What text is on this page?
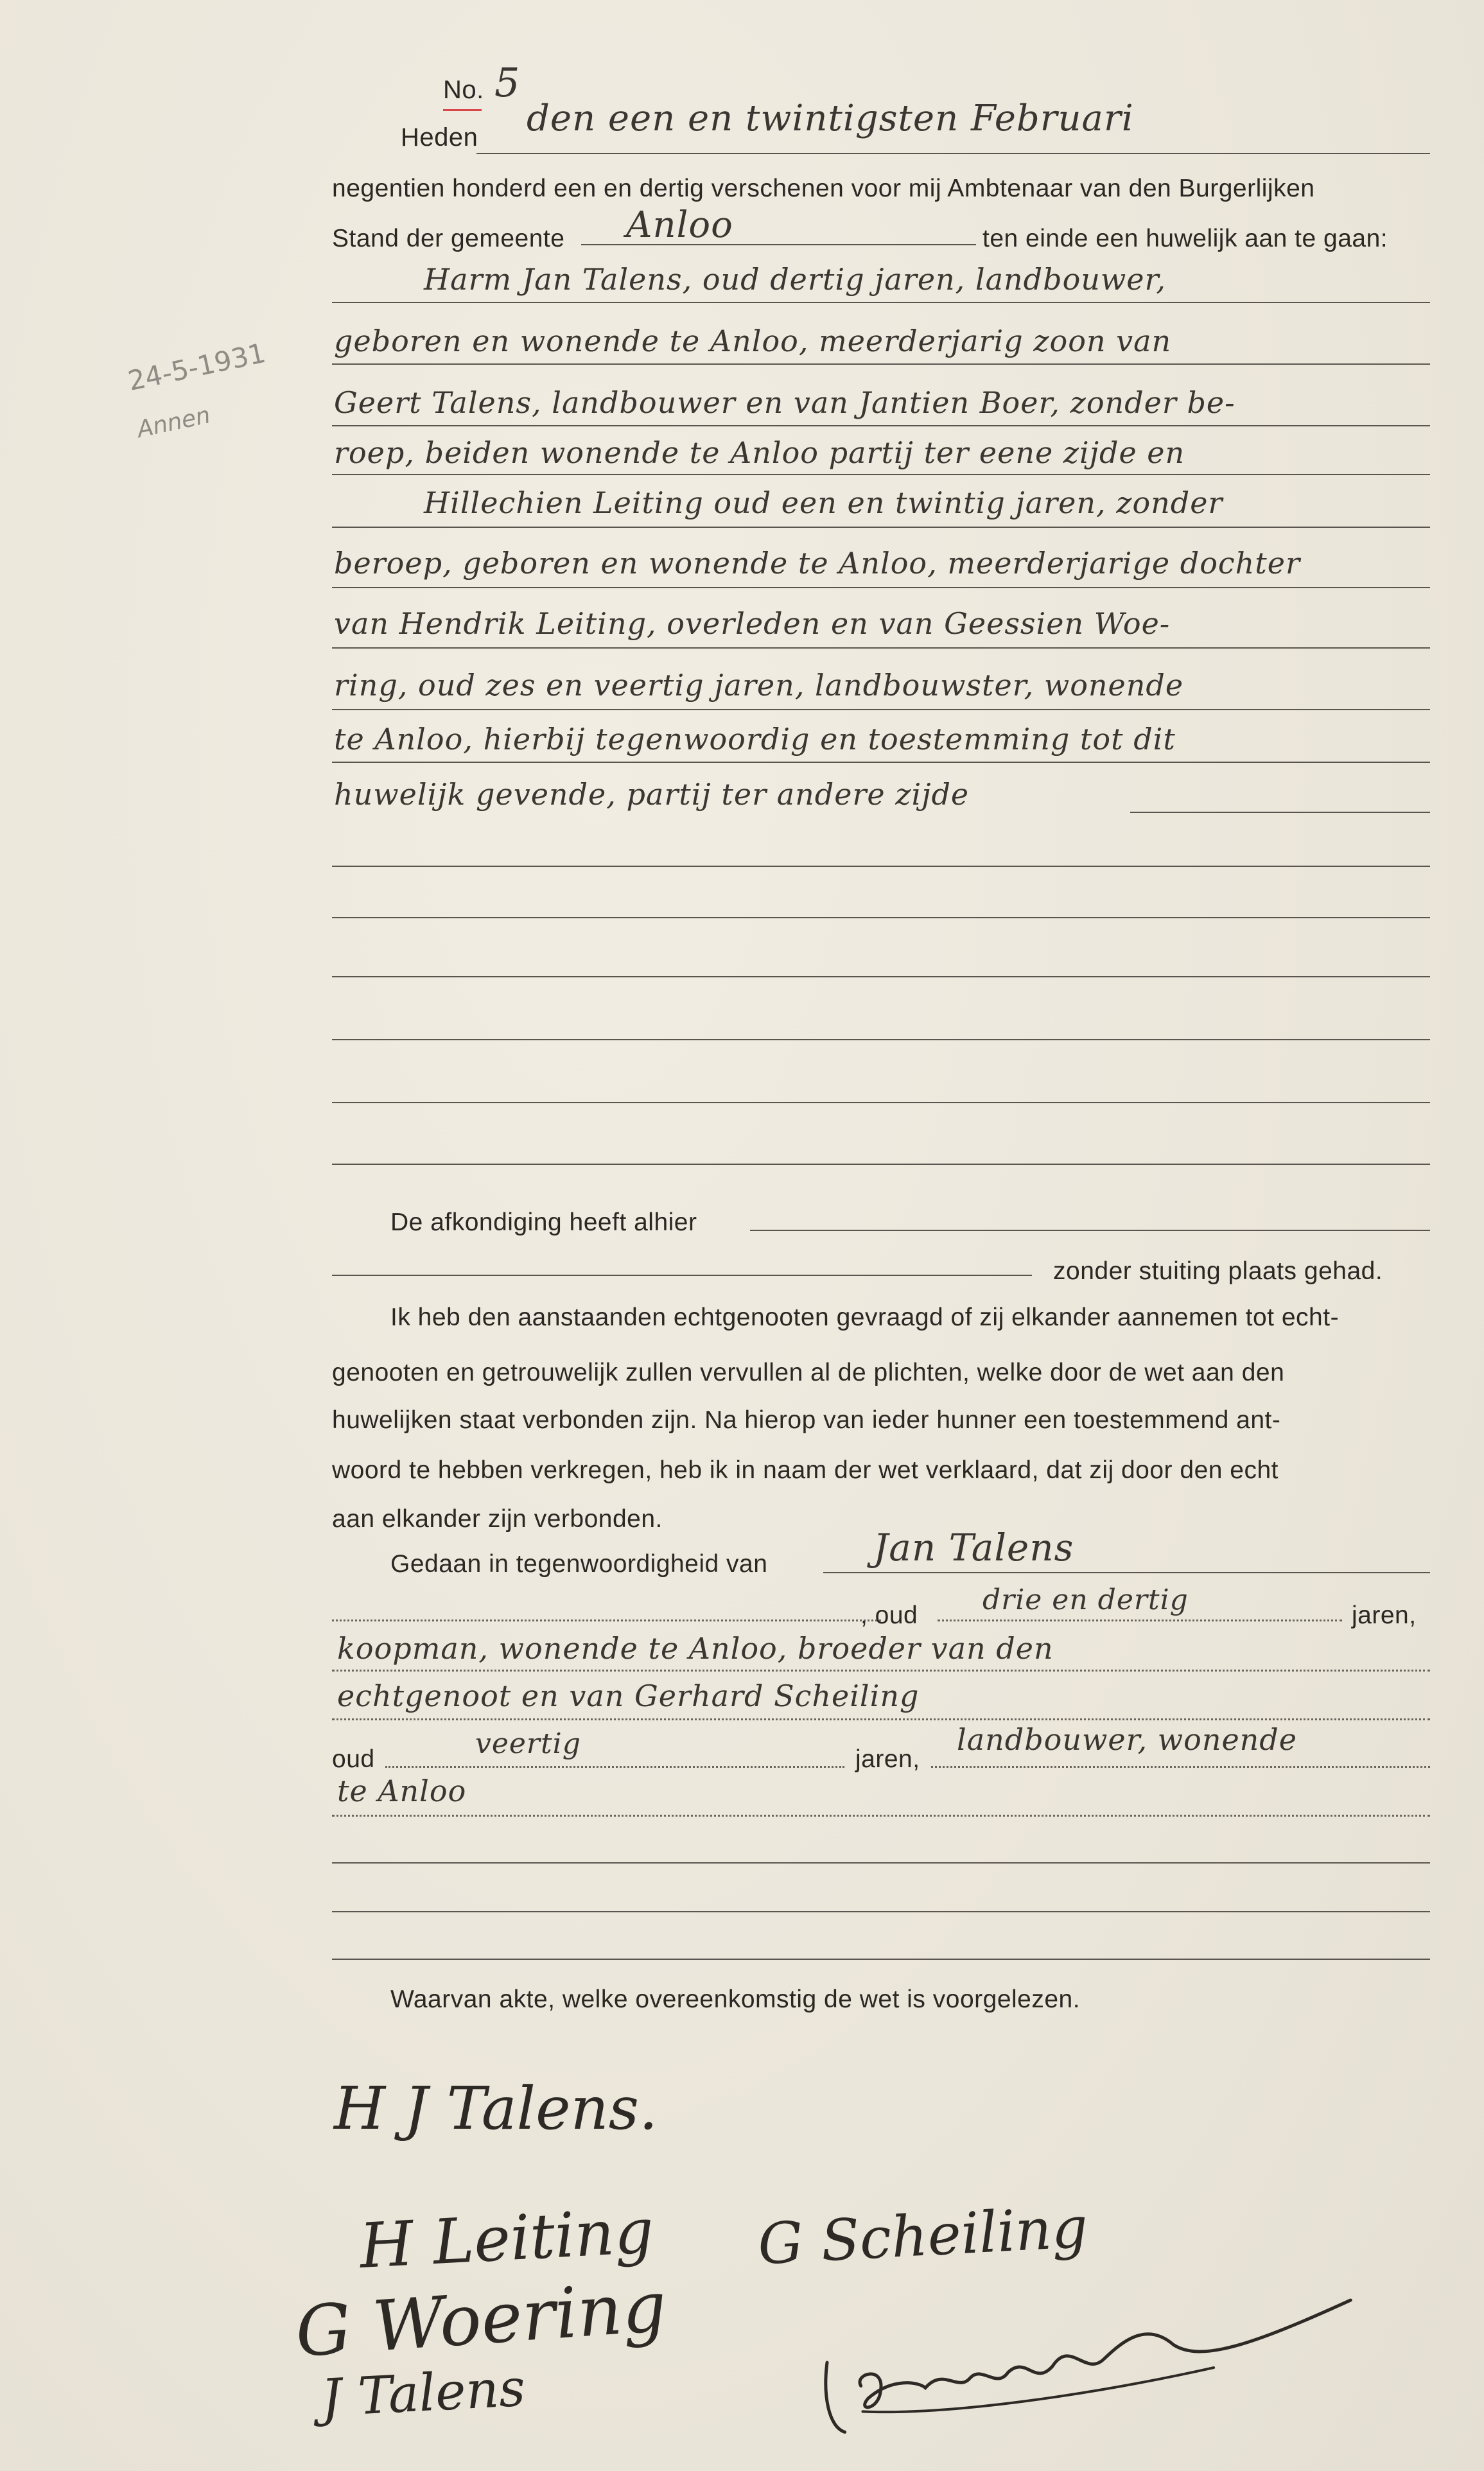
No. 5
Heden den een en twintigsten Februari
negentien honderd een en dertig verschenen voor mij Ambtenaar van den Burgerlijken
Stand der gemeente Anloo	ten einde een huwelijk aan te gaan:
Harm Jan Talens, oud dertig jaren, landbouwer,
geboren en wonende te Anloo, meerderjarig zoon van
Geert Talens, landbouwer en van Jantien Boer, zonder be-
roep, beiden wonende te Anloo partij ter eene zijde en
Hillechien Leiting oud een en twintig jaren, zonder
beroep, geboren en wonende te Anloo, meerderjarige dochter
van Hendrik Leiting, overleden en van Geessien Woe-
ring, oud zes en veertig jaren, landbouwster, wonende
te Anloo, hierbij tegenwoordig en toestemming tot dit
huwelijk gevende, partij ter andere zijde
24-5-1931
Annen
De afkondiging heeft alhier
zonder stuiting plaats gehad.
Ik heb den aanstaanden echtgenooten gevraagd of zij elkander aannemen tot echt-
genooten en getrouwelijk zullen vervullen al de plichten, welke door de wet aan den
huwelijken staat verbonden zijn. Na hierop van ieder hunner een toestemmend ant-
woord te hebben verkregen, heb ik in naam der wet verklaard, dat zij door den echt
aan elkander zijn verbonden.
Gedaan in tegenwoordigheid van	Jan Talens
, oud drie en dertig	jaren,
koopman, wonende te Anloo, broeder van den
echtgenoot en van Gerhard Scheiling
oud	veertig	jaren,
landbouwer, wonende
te Anloo
Waarvan akte, welke overeenkomstig de wet is voorgelezen.
H J Talens.
H Leiting
G Woering
J Talens
G Scheiling
